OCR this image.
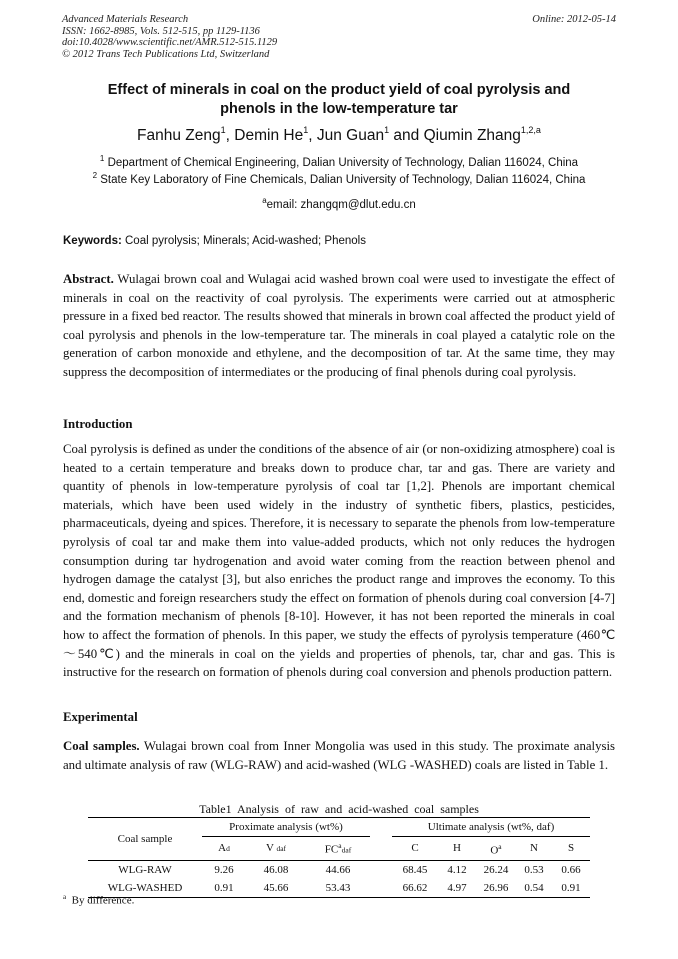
Advanced Materials Research
ISSN: 1662-8985, Vols. 512-515, pp 1129-1136
doi:10.4028/www.scientific.net/AMR.512-515.1129
© 2012 Trans Tech Publications Ltd, Switzerland
Online: 2012-05-14
Effect of minerals in coal on the product yield of coal pyrolysis and
phenols in the low-temperature tar
Fanhu Zeng$^1$, Demin He$^1$, Jun Guan$^1$ and Qiumin Zhang$^{1,2,a}$
$^1$ Department of Chemical Engineering, Dalian University of Technology, Dalian 116024, China
$^2$ State Key Laboratory of Fine Chemicals, Dalian University of Technology, Dalian 116024, China
$^a$email: zhangqm@dlut.edu.cn
Keywords: Coal pyrolysis; Minerals; Acid-washed; Phenols
Abstract. Wulagai brown coal and Wulagai acid washed brown coal were used to investigate the effect of minerals in coal on the reactivity of coal pyrolysis. The experiments were carried out at atmospheric pressure in a fixed bed reactor. The results showed that minerals in brown coal affected the product yield of coal pyrolysis and phenols in the low-temperature tar. The minerals in coal played a catalytic role on the generation of carbon monoxide and ethylene, and the decomposition of tar. At the same time, they may suppress the decomposition of intermediates or the producing of final phenols during coal pyrolysis.
Introduction
Coal pyrolysis is defined as under the conditions of the absence of air (or non-oxidizing atmosphere) coal is heated to a certain temperature and breaks down to produce char, tar and gas. There are variety and quantity of phenols in low-temperature pyrolysis of coal tar [1,2]. Phenols are important chemical materials, which have been used widely in the industry of synthetic fibers, plastics, pesticides, pharmaceuticals, dyeing and spices. Therefore, it is necessary to separate the phenols from low-temperature pyrolysis of coal tar and make them into value-added products, which not only reduces the hydrogen consumption during tar hydrogenation and avoid water coming from the reaction between phenol and hydrogen damage the catalyst [3], but also enriches the product range and improves the economy. To this end, domestic and foreign researchers study the effect on formation of phenols during coal conversion [4-7] and the formation mechanism of phenols [8-10]. However, it has not been reported the minerals in coal how to affect the formation of phenols. In this paper, we study the effects of pyrolysis temperature (460℃～540℃) and the minerals in coal on the yields and properties of phenols, tar, char and gas. This is instructive for the research on formation of phenols during coal conversion and phenols production pattern.
Experimental
Coal samples. Wulagai brown coal from Inner Mongolia was used in this study. The proximate analysis and ultimate analysis of raw (WLG-RAW) and acid-washed (WLG -WASHED) coals are listed in Table 1.
Table1 Analysis of raw and acid-washed coal samples
Coal sample	Proximate analysis (wt%)				Ultimate analysis (wt%, daf)				
	Ad	V daf	$FC^adaf$		C	H	$O^a$	N	S
WLG-RAW	9.26	46.08	44.66		68.45	4.12	26.24	0.53	0.66
WLG-WASHED	0.91	45.66	53.43		66.62	4.97	26.96	0.54	0.91
$^a$ By difference.
